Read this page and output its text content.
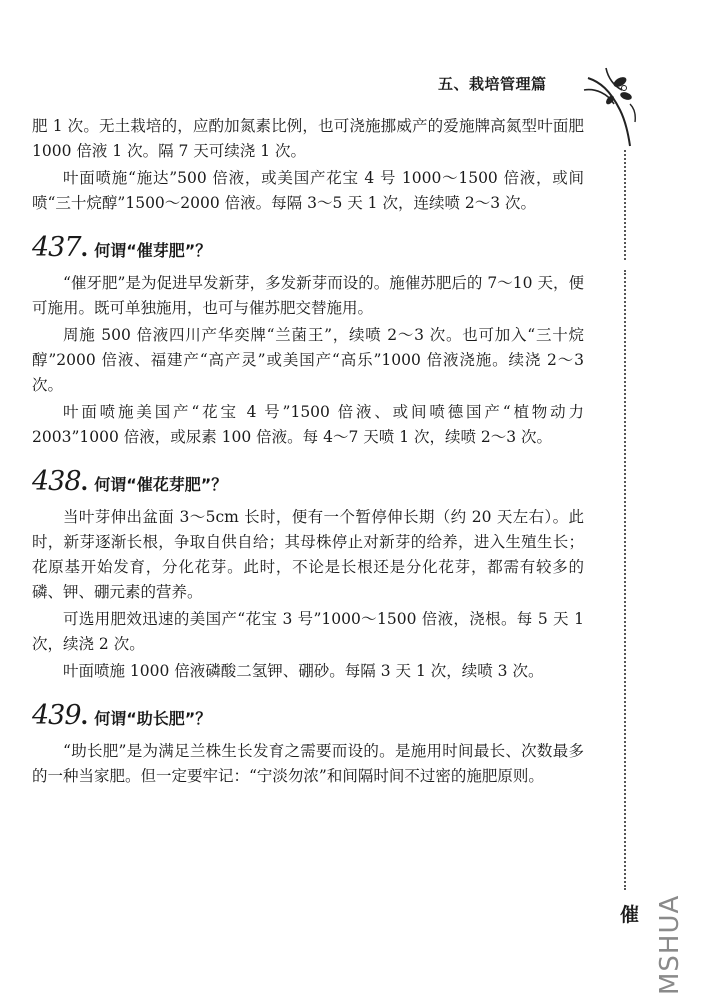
五、栽培管理篇

肥 1 次。无土栽培的，应酌加氮素比例，也可浇施挪威产的爱施牌高氮型叶面肥 1000 倍液 1 次。隔 7 天可续浇 1 次。

叶面喷施“施达”500 倍液，或美国产花宝 4 号 1000～1500 倍液，或间喷“三十烷醇”1500～2000 倍液。每隔 3～5 天 1 次，连续喷 2～3 次。

437 . 何谓“催芽肥”？

“催牙肥”是为促进早发新芽，多发新芽而设的。施催苏肥后的 7～10 天，便可施用。既可单独施用，也可与催苏肥交替施用。

周施 500 倍液四川产华奕牌“兰菌王”，续喷 2～3 次。也可加入“三十烷醇”2000 倍液、福建产“高产灵”或美国产“高乐”1000 倍液浇施。续浇 2～3 次。

叶面喷施美国产“花宝 4 号”1500 倍液、或间喷德国产“植物动力 2003”1000 倍液，或尿素 100 倍液。每 4～7 天喷 1 次，续喷 2～3 次。

438 . 何谓“催花芽肥”？

当叶芽伸出盆面 3～5cm 长时，便有一个暂停伸长期（约 20 天左右）。此时，新芽逐渐长根，争取自供自给；其母株停止对新芽的给养，进入生殖生长；花原基开始发育，分化花芽。此时，不论是长根还是分化花芽，都需有较多的磷、钾、硼元素的营养。

可选用肥效迅速的美国产“花宝 3 号”1000～1500 倍液，浇根。每 5 天 1 次，续浇 2 次。

叶面喷施 1000 倍液磷酸二氢钾、硼砂。每隔 3 天 1 次，续喷 3 次。

439 . 何谓“助长肥”？

“助长肥”是为满足兰株生长发育之需要而设的。是施用时间最长、次数最多的一种当家肥。但一定要牢记：“宁淡勿浓”和间隔时间不过密的施肥原则。

催 MSHUA
